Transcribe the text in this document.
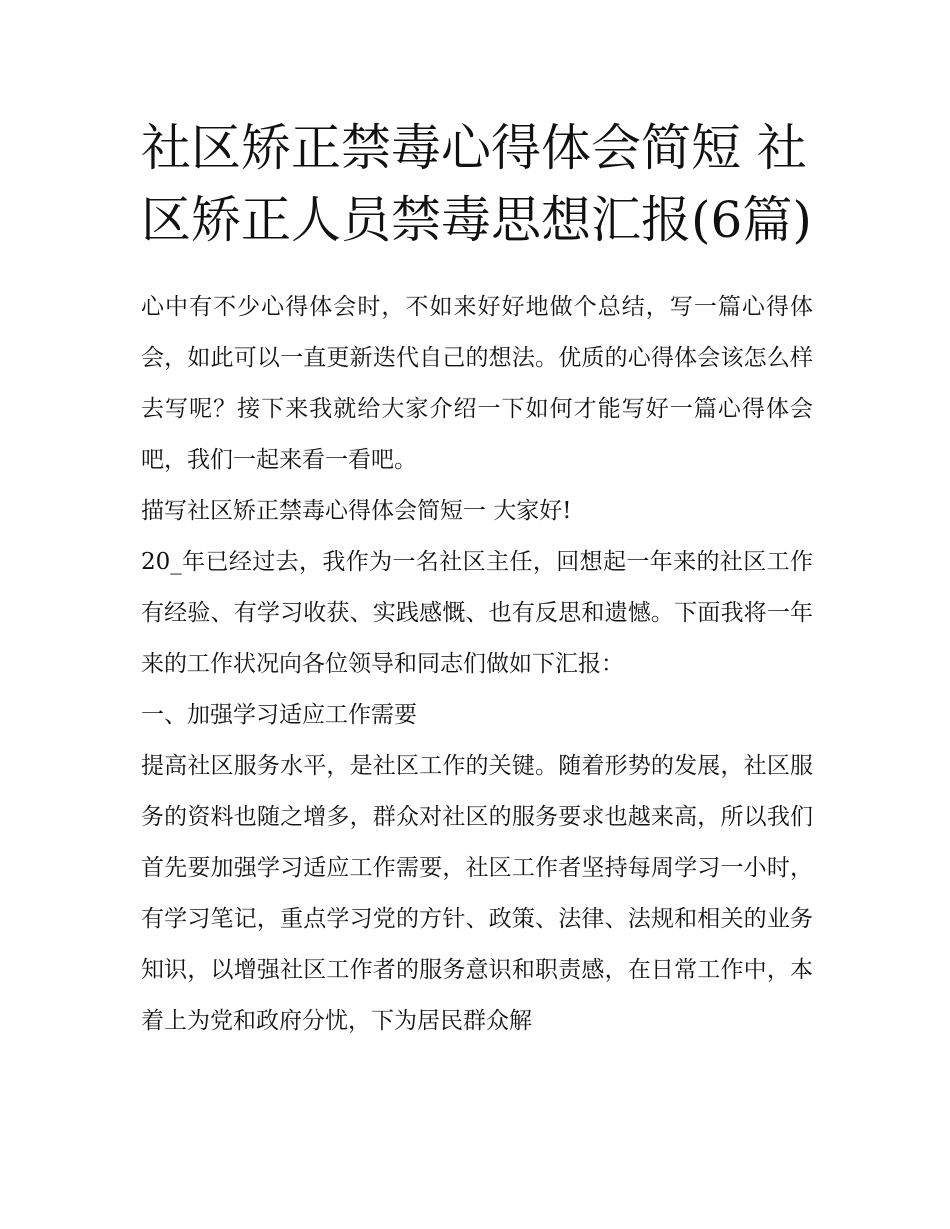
社区矫正禁毒心得体会简短 社区矫正人员禁毒思想汇报(6篇)

心中有不少心得体会时，不如来好好地做个总结，写一篇心得体会，如此可以一直更新迭代自己的想法。优质的心得体会该怎么样去写呢？接下来我就给大家介绍一下如何才能写好一篇心得体会吧，我们一起来看一看吧。

描写社区矫正禁毒心得体会简短一 大家好!

20_年已经过去，我作为一名社区主任，回想起一年来的社区工作有经验、有学习收获、实践感慨、也有反思和遗憾。下面我将一年来的工作状况向各位领导和同志们做如下汇报：

一、加强学习适应工作需要

提高社区服务水平，是社区工作的关键。随着形势的发展，社区服务的资料也随之增多，群众对社区的服务要求也越来高，所以我们首先要加强学习适应工作需要，社区工作者坚持每周学习一小时，有学习笔记，重点学习党的方针、政策、法律、法规和相关的业务知识，以增强社区工作者的服务意识和职责感，在日常工作中，本着上为党和政府分忧，下为居民群众解
